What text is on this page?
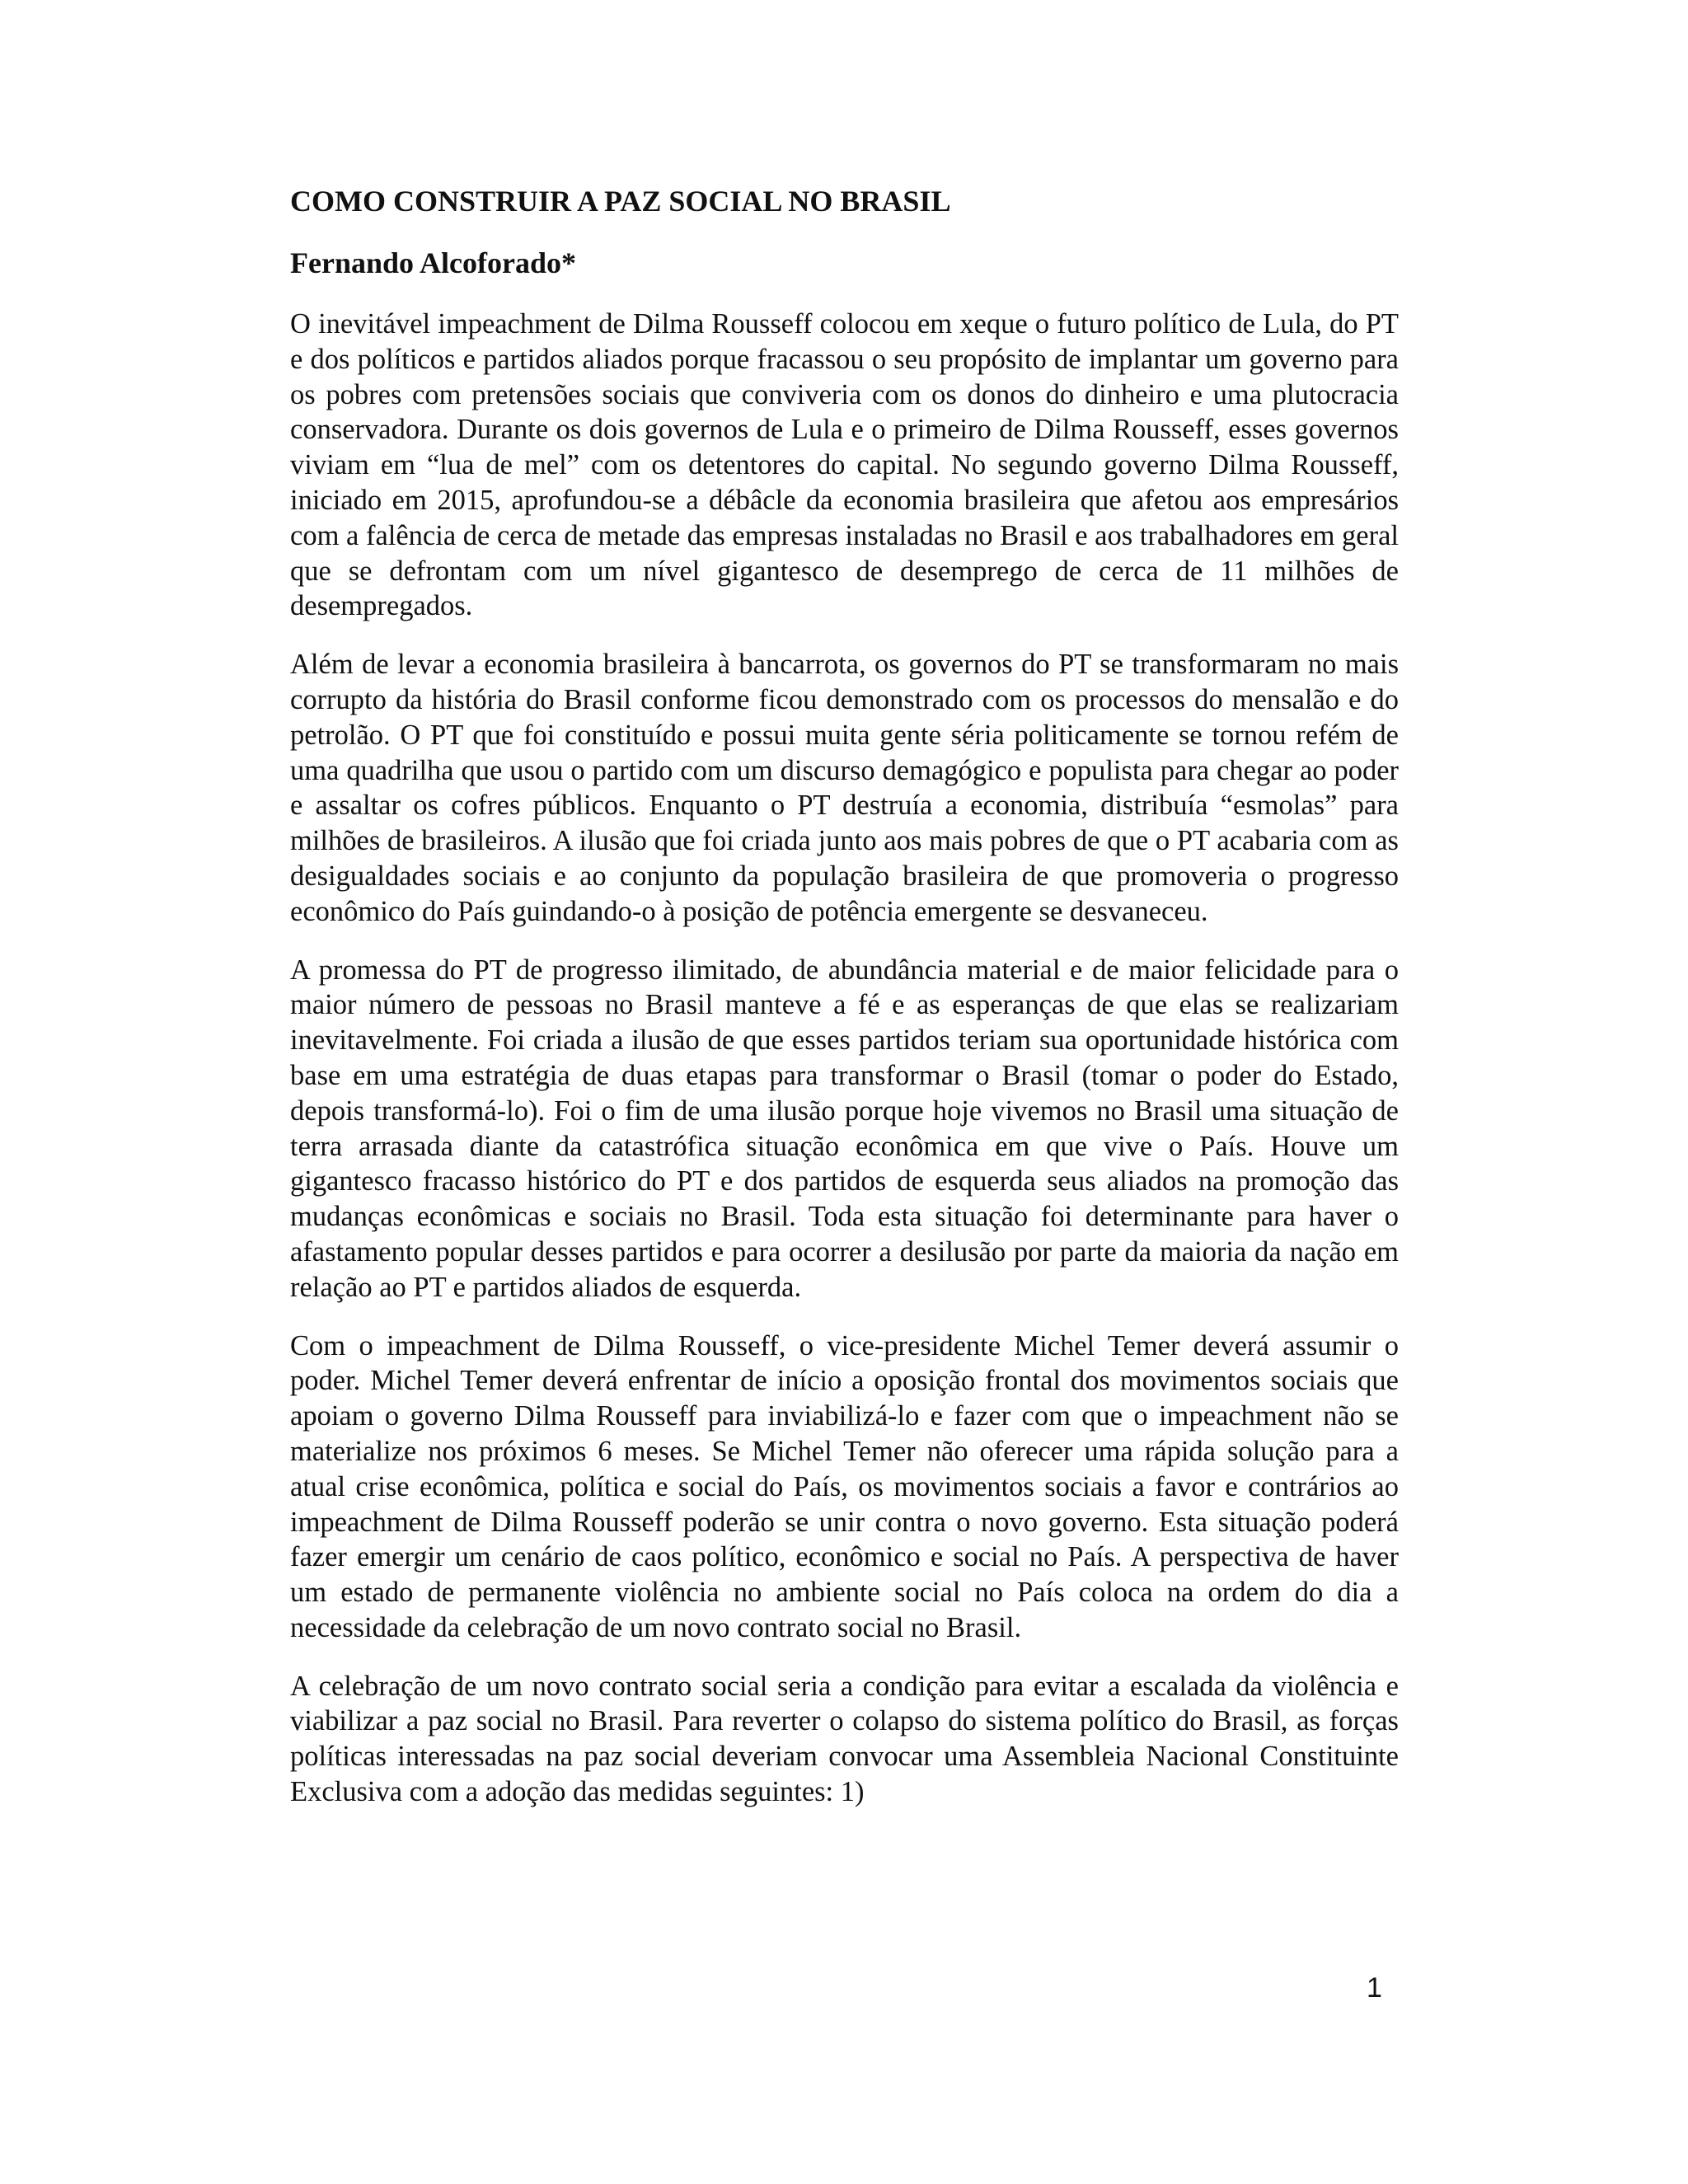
COMO CONSTRUIR A PAZ SOCIAL NO BRASIL

Fernando Alcoforado*

O inevitável impeachment de Dilma Rousseff colocou em xeque o futuro político de Lula, do PT e dos políticos e partidos aliados porque fracassou o seu propósito de implantar um governo para os pobres com pretensões sociais que conviveria com os donos do dinheiro e uma plutocracia conservadora. Durante os dois governos de Lula e o primeiro de Dilma Rousseff, esses governos viviam em “lua de mel” com os detentores do capital. No segundo governo Dilma Rousseff, iniciado em 2015, aprofundou-se a débâcle da economia brasileira que afetou aos empresários com a falência de cerca de metade das empresas instaladas no Brasil e aos trabalhadores em geral que se defrontam com um nível gigantesco de desemprego de cerca de 11 milhões de desempregados.

Além de levar a economia brasileira à bancarrota, os governos do PT se transformaram no mais corrupto da história do Brasil conforme ficou demonstrado com os processos do mensalão e do petrolão. O PT que foi constituído e possui muita gente séria politicamente se tornou refém de uma quadrilha que usou o partido com um discurso demagógico e populista para chegar ao poder e assaltar os cofres públicos. Enquanto o PT destruía a economia, distribuía “esmolas” para milhões de brasileiros. A ilusão que foi criada junto aos mais pobres de que o PT acabaria com as desigualdades sociais e ao conjunto da população brasileira de que promoveria o progresso econômico do País guindando-o à posição de potência emergente se desvaneceu.

A promessa do PT de progresso ilimitado, de abundância material e de maior felicidade para o maior número de pessoas no Brasil manteve a fé e as esperanças de que elas se realizariam inevitavelmente. Foi criada a ilusão de que esses partidos teriam sua oportunidade histórica com base em uma estratégia de duas etapas para transformar o Brasil (tomar o poder do Estado, depois transformá-lo). Foi o fim de uma ilusão porque hoje vivemos no Brasil uma situação de terra arrasada diante da catastrófica situação econômica em que vive o País. Houve um gigantesco fracasso histórico do PT e dos partidos de esquerda seus aliados na promoção das mudanças econômicas e sociais no Brasil. Toda esta situação foi determinante para haver o afastamento popular desses partidos e para ocorrer a desilusão por parte da maioria da nação em relação ao PT e partidos aliados de esquerda.

Com o impeachment de Dilma Rousseff, o vice-presidente Michel Temer deverá assumir o poder. Michel Temer deverá enfrentar de início a oposição frontal dos movimentos sociais que apoiam o governo Dilma Rousseff para inviabilizá-lo e fazer com que o impeachment não se materialize nos próximos 6 meses. Se Michel Temer não oferecer uma rápida solução para a atual crise econômica, política e social do País, os movimentos sociais a favor e contrários ao impeachment de Dilma Rousseff poderão se unir contra o novo governo. Esta situação poderá fazer emergir um cenário de caos político, econômico e social no País. A perspectiva de haver um estado de permanente violência no ambiente social no País coloca na ordem do dia a necessidade da celebração de um novo contrato social no Brasil.

A celebração de um novo contrato social seria a condição para evitar a escalada da violência e viabilizar a paz social no Brasil. Para reverter o colapso do sistema político do Brasil, as forças políticas interessadas na paz social deveriam convocar uma Assembleia Nacional Constituinte Exclusiva com a adoção das medidas seguintes: 1)

1
